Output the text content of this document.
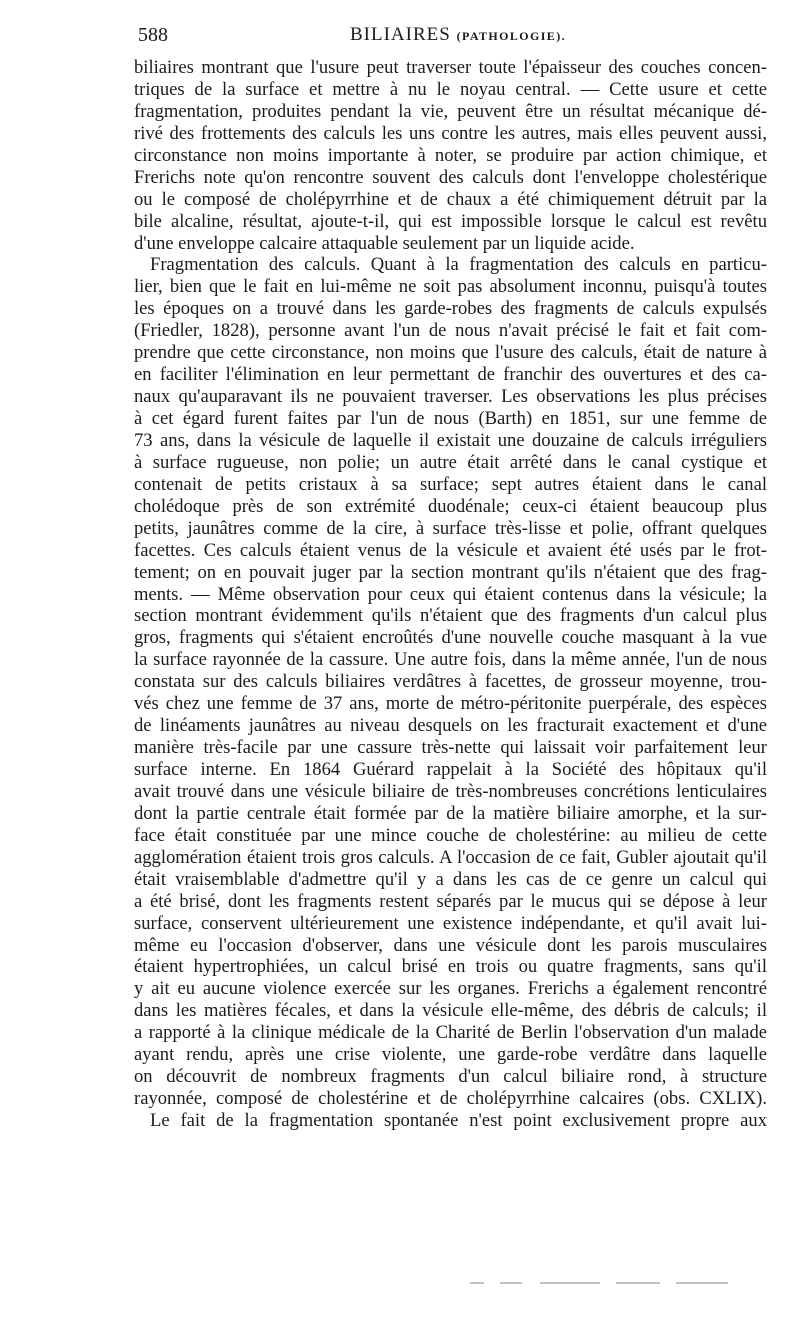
588	BILIAIRES (PATHOLOGIE).
biliaires montrant que l'usure peut traverser toute l'épaisseur des couches concen-
triques de la surface et mettre à nu le noyau central. — Cette usure et cette
fragmentation, produites pendant la vie, peuvent être un résultat mécanique dé-
rivé des frottements des calculs les uns contre les autres, mais elles peuvent aussi,
circonstance non moins importante à noter, se produire par action chimique, et
Frerichs note qu'on rencontre souvent des calculs dont l'enveloppe cholestérique
ou le composé de cholépyrrhine et de chaux a été chimiquement détruit par la
bile alcaline, résultat, ajoute-t-il, qui est impossible lorsque le calcul est revêtu
d'une enveloppe calcaire attaquable seulement par un liquide acide.
Fragmentation des calculs. Quant à la fragmentation des calculs en particu-
lier, bien que le fait en lui-même ne soit pas absolument inconnu, puisqu'à toutes
les époques on a trouvé dans les garde-robes des fragments de calculs expulsés
(Friedler, 1828), personne avant l'un de nous n'avait précisé le fait et fait com-
prendre que cette circonstance, non moins que l'usure des calculs, était de nature à
en faciliter l'élimination en leur permettant de franchir des ouvertures et des ca-
naux qu'auparavant ils ne pouvaient traverser. Les observations les plus précises
à cet égard furent faites par l'un de nous (Barth) en 1851, sur une femme de
73 ans, dans la vésicule de laquelle il existait une douzaine de calculs irréguliers
à surface rugueuse, non polie; un autre était arrêté dans le canal cystique et
contenait de petits cristaux à sa surface; sept autres étaient dans le canal
cholédoque près de son extrémité duodénale; ceux-ci étaient beaucoup plus
petits, jaunâtres comme de la cire, à surface très-lisse et polie, offrant quelques
facettes. Ces calculs étaient venus de la vésicule et avaient été usés par le frot-
tement; on en pouvait juger par la section montrant qu'ils n'étaient que des frag-
ments. — Même observation pour ceux qui étaient contenus dans la vésicule; la
section montrant évidemment qu'ils n'étaient que des fragments d'un calcul plus
gros, fragments qui s'étaient encroûtés d'une nouvelle couche masquant à la vue
la surface rayonnée de la cassure. Une autre fois, dans la même année, l'un de nous
constata sur des calculs biliaires verdâtres à facettes, de grosseur moyenne, trou-
vés chez une femme de 37 ans, morte de métro-péritonite puerpérale, des espèces
de linéaments jaunâtres au niveau desquels on les fracturait exactement et d'une
manière très-facile par une cassure très-nette qui laissait voir parfaitement leur
surface interne. En 1864 Guérard rappelait à la Société des hôpitaux qu'il
avait trouvé dans une vésicule biliaire de très-nombreuses concrétions lenticulaires
dont la partie centrale était formée par de la matière biliaire amorphe, et la sur-
face était constituée par une mince couche de cholestérine: au milieu de cette
agglomération étaient trois gros calculs. A l'occasion de ce fait, Gubler ajoutait qu'il
était vraisemblable d'admettre qu'il y a dans les cas de ce genre un calcul qui
a été brisé, dont les fragments restent séparés par le mucus qui se dépose à leur
surface, conservent ultérieurement une existence indépendante, et qu'il avait lui-
même eu l'occasion d'observer, dans une vésicule dont les parois musculaires
étaient hypertrophiées, un calcul brisé en trois ou quatre fragments, sans qu'il
y ait eu aucune violence exercée sur les organes. Frerichs a également rencontré
dans les matières fécales, et dans la vésicule elle-même, des débris de calculs; il
a rapporté à la clinique médicale de la Charité de Berlin l'observation d'un malade
ayant rendu, après une crise violente, une garde-robe verdâtre dans laquelle
on découvrit de nombreux fragments d'un calcul biliaire rond, à structure
rayonnée, composé de cholestérine et de cholépyrrhine calcaires (obs. CXLIX).
Le fait de la fragmentation spontanée n'est point exclusivement propre aux
